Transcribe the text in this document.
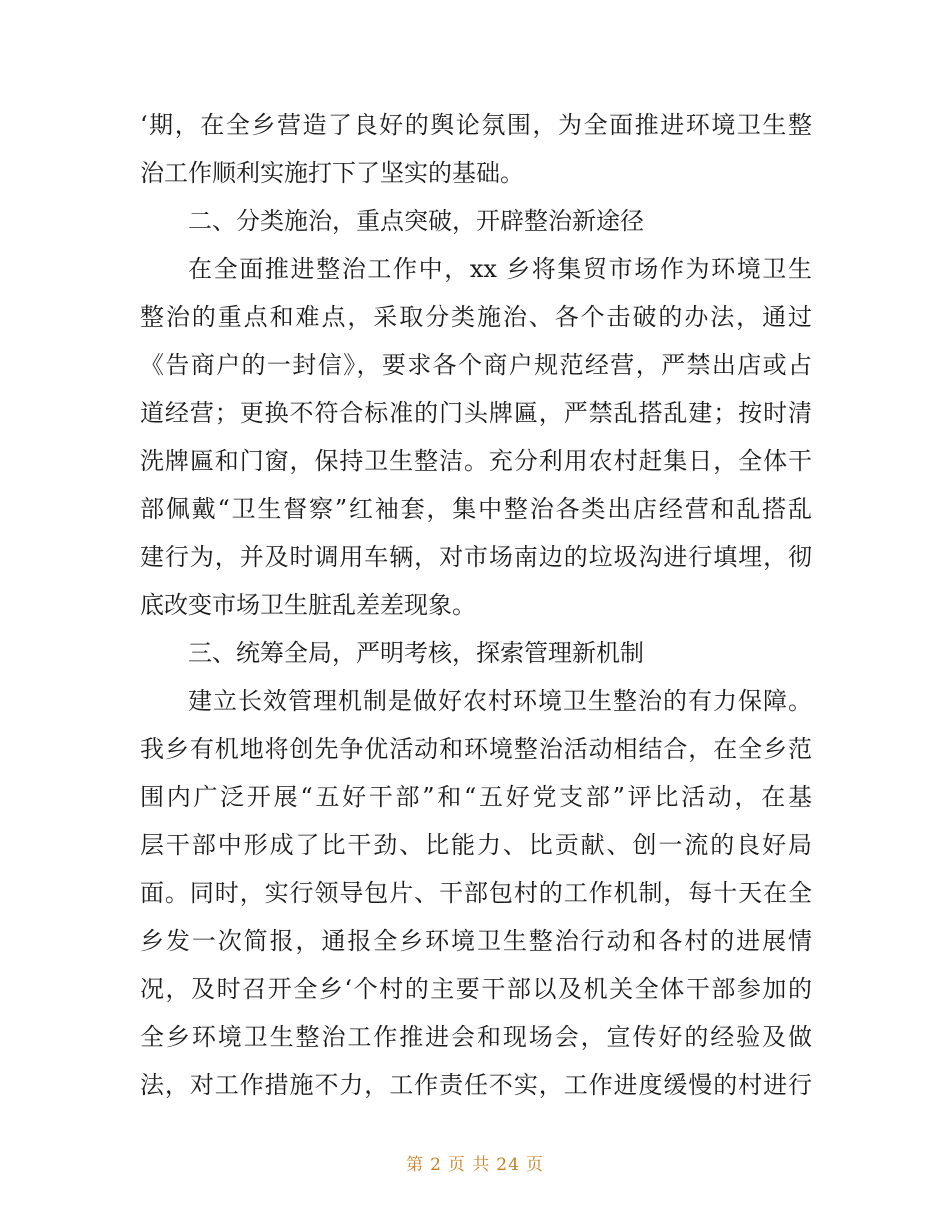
‘期，在全乡营造了良好的舆论氛围，为全面推进环境卫生整
治工作顺利实施打下了坚实的基础。
二、分类施治，重点突破，开辟整治新途径
在全面推进整治工作中，xx 乡将集贸市场作为环境卫生
整治的重点和难点，采取分类施治、各个击破的办法，通过
《告商户的一封信》，要求各个商户规范经营，严禁出店或占
道经营；更换不符合标准的门头牌匾，严禁乱搭乱建；按时清
洗牌匾和门窗，保持卫生整洁。充分利用农村赶集日，全体干
部佩戴“卫生督察”红袖套，集中整治各类出店经营和乱搭乱
建行为，并及时调用车辆，对市场南边的垃圾沟进行填埋，彻
底改变市场卫生脏乱差差现象。
三、统筹全局，严明考核，探索管理新机制
建立长效管理机制是做好农村环境卫生整治的有力保障。
我乡有机地将创先争优活动和环境整治活动相结合，在全乡范
围内广泛开展“五好干部”和“五好党支部”评比活动，在基
层干部中形成了比干劲、比能力、比贡献、创一流的良好局
面。同时，实行领导包片、干部包村的工作机制，每十天在全
乡发一次简报，通报全乡环境卫生整治行动和各村的进展情
况，及时召开全乡‘个村的主要干部以及机关全体干部参加的
全乡环境卫生整治工作推进会和现场会，宣传好的经验及做
法，对工作措施不力，工作责任不实，工作进度缓慢的村进行
第 2 页 共 24 页
